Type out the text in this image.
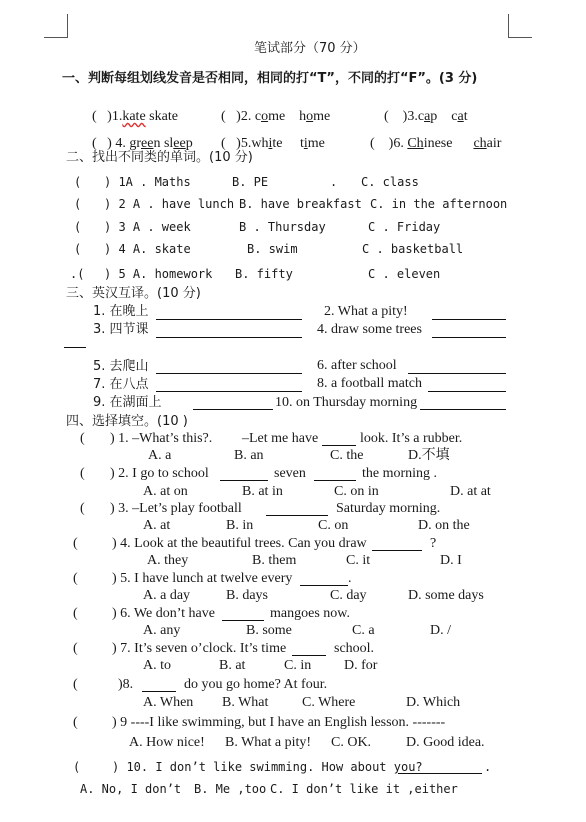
笔试部分（70 分）
一、判断每组划线发音是否相同，相同的打“T”，不同的打“F”。(3 分)

( )1.kate skate	( )2. come home	( )3.cap cat

( ) 4. green sleep	( )5.white time	( )6. Chinese chair

二、找出不同类的单词。(10 分)
( ) 1A . Maths	B. PE	. C. class
( ) 2 A . have lunch B. have breakfast C. in the afternoon
( ) 3 A . week	B . Thursday	C . Friday
( ) 4 A. skate	B. swim	C . basketball
.( ) 5 A. homework B. fifty	C . eleven
三、英汉互译。(10 分)
1. 在晚上	2. What a pity!
3. 四节课	4. draw some trees
5. 去爬山	6. after school
7. 在八点	8. a football match
9. 在湖面上	10. on Thursday morning
四、选择填空。(10 )
( ) 1. –What’s this?. –Let me have	look. It’s a rubber.
A. a	B. an	C. the	D.不填
( ) 2. I go to school	seven	the morning .
A. at on	B. at in	C. on in	D. at at
( ) 3. –Let’s play football	Saturday morning.
A. at	B. in	C. on	D. on the
( ) 4. Look at the beautiful trees. Can you draw	?
A. they	B. them	C. it	D. I
( ) 5. I have lunch at twelve every	.
A. a day	B. days	C. day	D. some days
( ) 6. We don’t have	mangoes now.
A. any	B. some	C. a	D. /
( ) 7. It’s seven o’clock. It’s time	school.
A. to	B. at	C. in D. for
(	)8.	do you go home? At four.
A. When B. What C. Where	D. Which
( ) 9 ----I like swimming, but I have an English lesson. -------
A. How nice! B. What a pity! C. OK. D. Good idea.
(	) 10. I don’t like swimming. How about you?	.
A. No, I don’t B. Me ,too C. I don’t like it ,either
